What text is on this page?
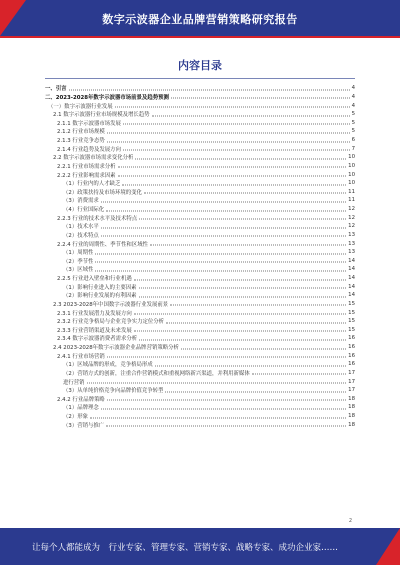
数字示波器企业品牌营销策略研究报告
内容目录
一、引言	4
二、2023-2028年数字示波器市场前景及趋势预测	4
（一）数字示波器行业发展	4
2.1 数字示波器行业市场规模及增长趋势	5
2.1.1 数字示波器市场发展	5
2.1.2 行业市场规模	5
2.1.3 行业竞争态势	6
2.1.4 行业趋势及发展方向	7
2.2 数字示波器市场需求变化分析	10
2.2.1 行业市场需求分析	10
2.2.2 行业影响需求因素	10
（1）行业内的人才缺乏	10
（2）政策扶持及市场环境的变化	11
（3）消费需求	11
（4）行业国际化	12
2.2.3 行业的技术水平及技术特点	12
（1）技术水平	12
（2）技术特点	13
2.2.4 行业的周期性、季节性和区域性	13
（1）周期性	13
（2）季节性	14
（3）区域性	14
2.2.5 行业进入壁垒和行业机遇	14
（1）影响行业进入的主要因素	14
（2）影响行业发展的有利因素	14
2.3 2023-2028年中国数字示波器行业发展前景	15
2.3.1 行业发展潜力及发展方向	15
2.3.2 行业竞争格局与企业竞争实力定位分析	15
2.3.3 行业营销渠道及未来发展	15
2.3.4 数字示波器消费者需求分析	16
2.4 2023-2028年数字示波器企业品牌营销策略分析	16
2.4.1 行业市场营销	16
（1）区域品牌的形成，竞争格局形成	16
（2）营销方式的创新，注重合作营销模式和重视网络新兴渠道，并利用新媒体	17
进行营销	17
（3）从单纯价格竞争向品牌价值竞争转型	17
2.4.2 行业品牌策略	18
（1）品牌理念	18
（2）形象	18
（3）营销与推广	18
2
让每个人都能成为　行业专家、管理专家、营销专家、战略专家、成功企业家……
